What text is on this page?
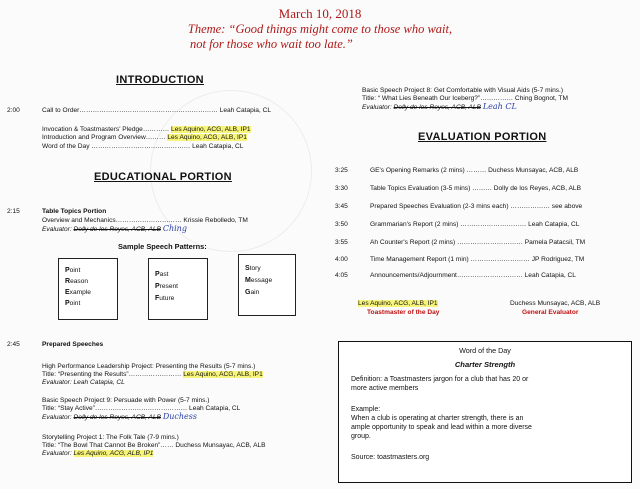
March 10, 2018
Theme: “Good things might come to those who wait,
not for those who wait too late.”
INTRODUCTION
2:00	Call to Order……………………………………………………… Leah Catapia, CL
Invocation & Toastmasters' Pledge………… Les Aquino, ACG, ALB, IP1
Introduction and Program Overview……… Les Aquino, ACG, ALB, IP1
Word of the Day ……………………………………… Leah Catapia, CL
EDUCATIONAL PORTION
2:15	Table Topics Portion
Overview and Mechanics………………………… Krissie Rebolledo, TM
Evaluator: Dolly de los Reyes, ACB, ALB Ching
Sample Speech Patterns:
Point
Reason
Example
Point
Past
Present
Future
Story
Message
Gain
2:45	Prepared Speeches
High Performance Leadership Project: Presenting the Results (5-7 mins.)
Title: “Presenting the Results”…………………… Les Aquino, ACG, ALB, IP1
Evaluator: Leah Catapia, CL
Basic Speech Project 9: Persuade with Power (5-7 mins.)
Title: “Stay Active”…………………………………… Leah Catapia, CL
Evaluator: Dolly de los Reyes, ACB, ALB Duchess
Storytelling Project 1: The Folk Tale (7-9 mins.)
Title: “The Bowl That Cannot Be Broken”…… Duchess Munsayac, ACB, ALB
Evaluator: Les Aquino, ACG, ALB, IP1
Basic Speech Project 8: Get Comfortable with Visual Aids (5-7 mins.)
Title: “ What Lies Beneath Our Iceberg?”…………… Ching Bognot, TM
Evaluator: Dolly de los Reyes, ACB, ALB Leah CL
EVALUATION PORTION
3:25	GE's Opening Remarks (2 mins) ……… Duchess Munsayac, ACB, ALB
3:30	Table Topics Evaluation (3-5 mins) ……… Dolly de los Reyes, ACB, ALB
3:45	Prepared Speeches Evaluation (2-3 mins each) ……………… see above
3:50	Grammarian's Report (2 mins) ………………………… Leah Catapia, CL
3:55	Ah Counter's Report (2 mins) ………………………… Pamela Patacsil, TM
4:00	Time Management Report (1 min) ……………………… JP Rodriguez, TM
4:05	Announcements/Adjournment………………………… Leah Catapia, CL
Les Aquino, ACG, ALB, IP1
Toastmaster of the Day
Duchess Munsayac, ACB, ALB
General Evaluator
Word of the Day
Charter Strength
Definition: a Toastmasters jargon for a club that has 20 or
more active members
Example:
When a club is operating at charter strength, there is an
ample opportunity to speak and lead within a more diverse
group.
Source: toastmasters.org
